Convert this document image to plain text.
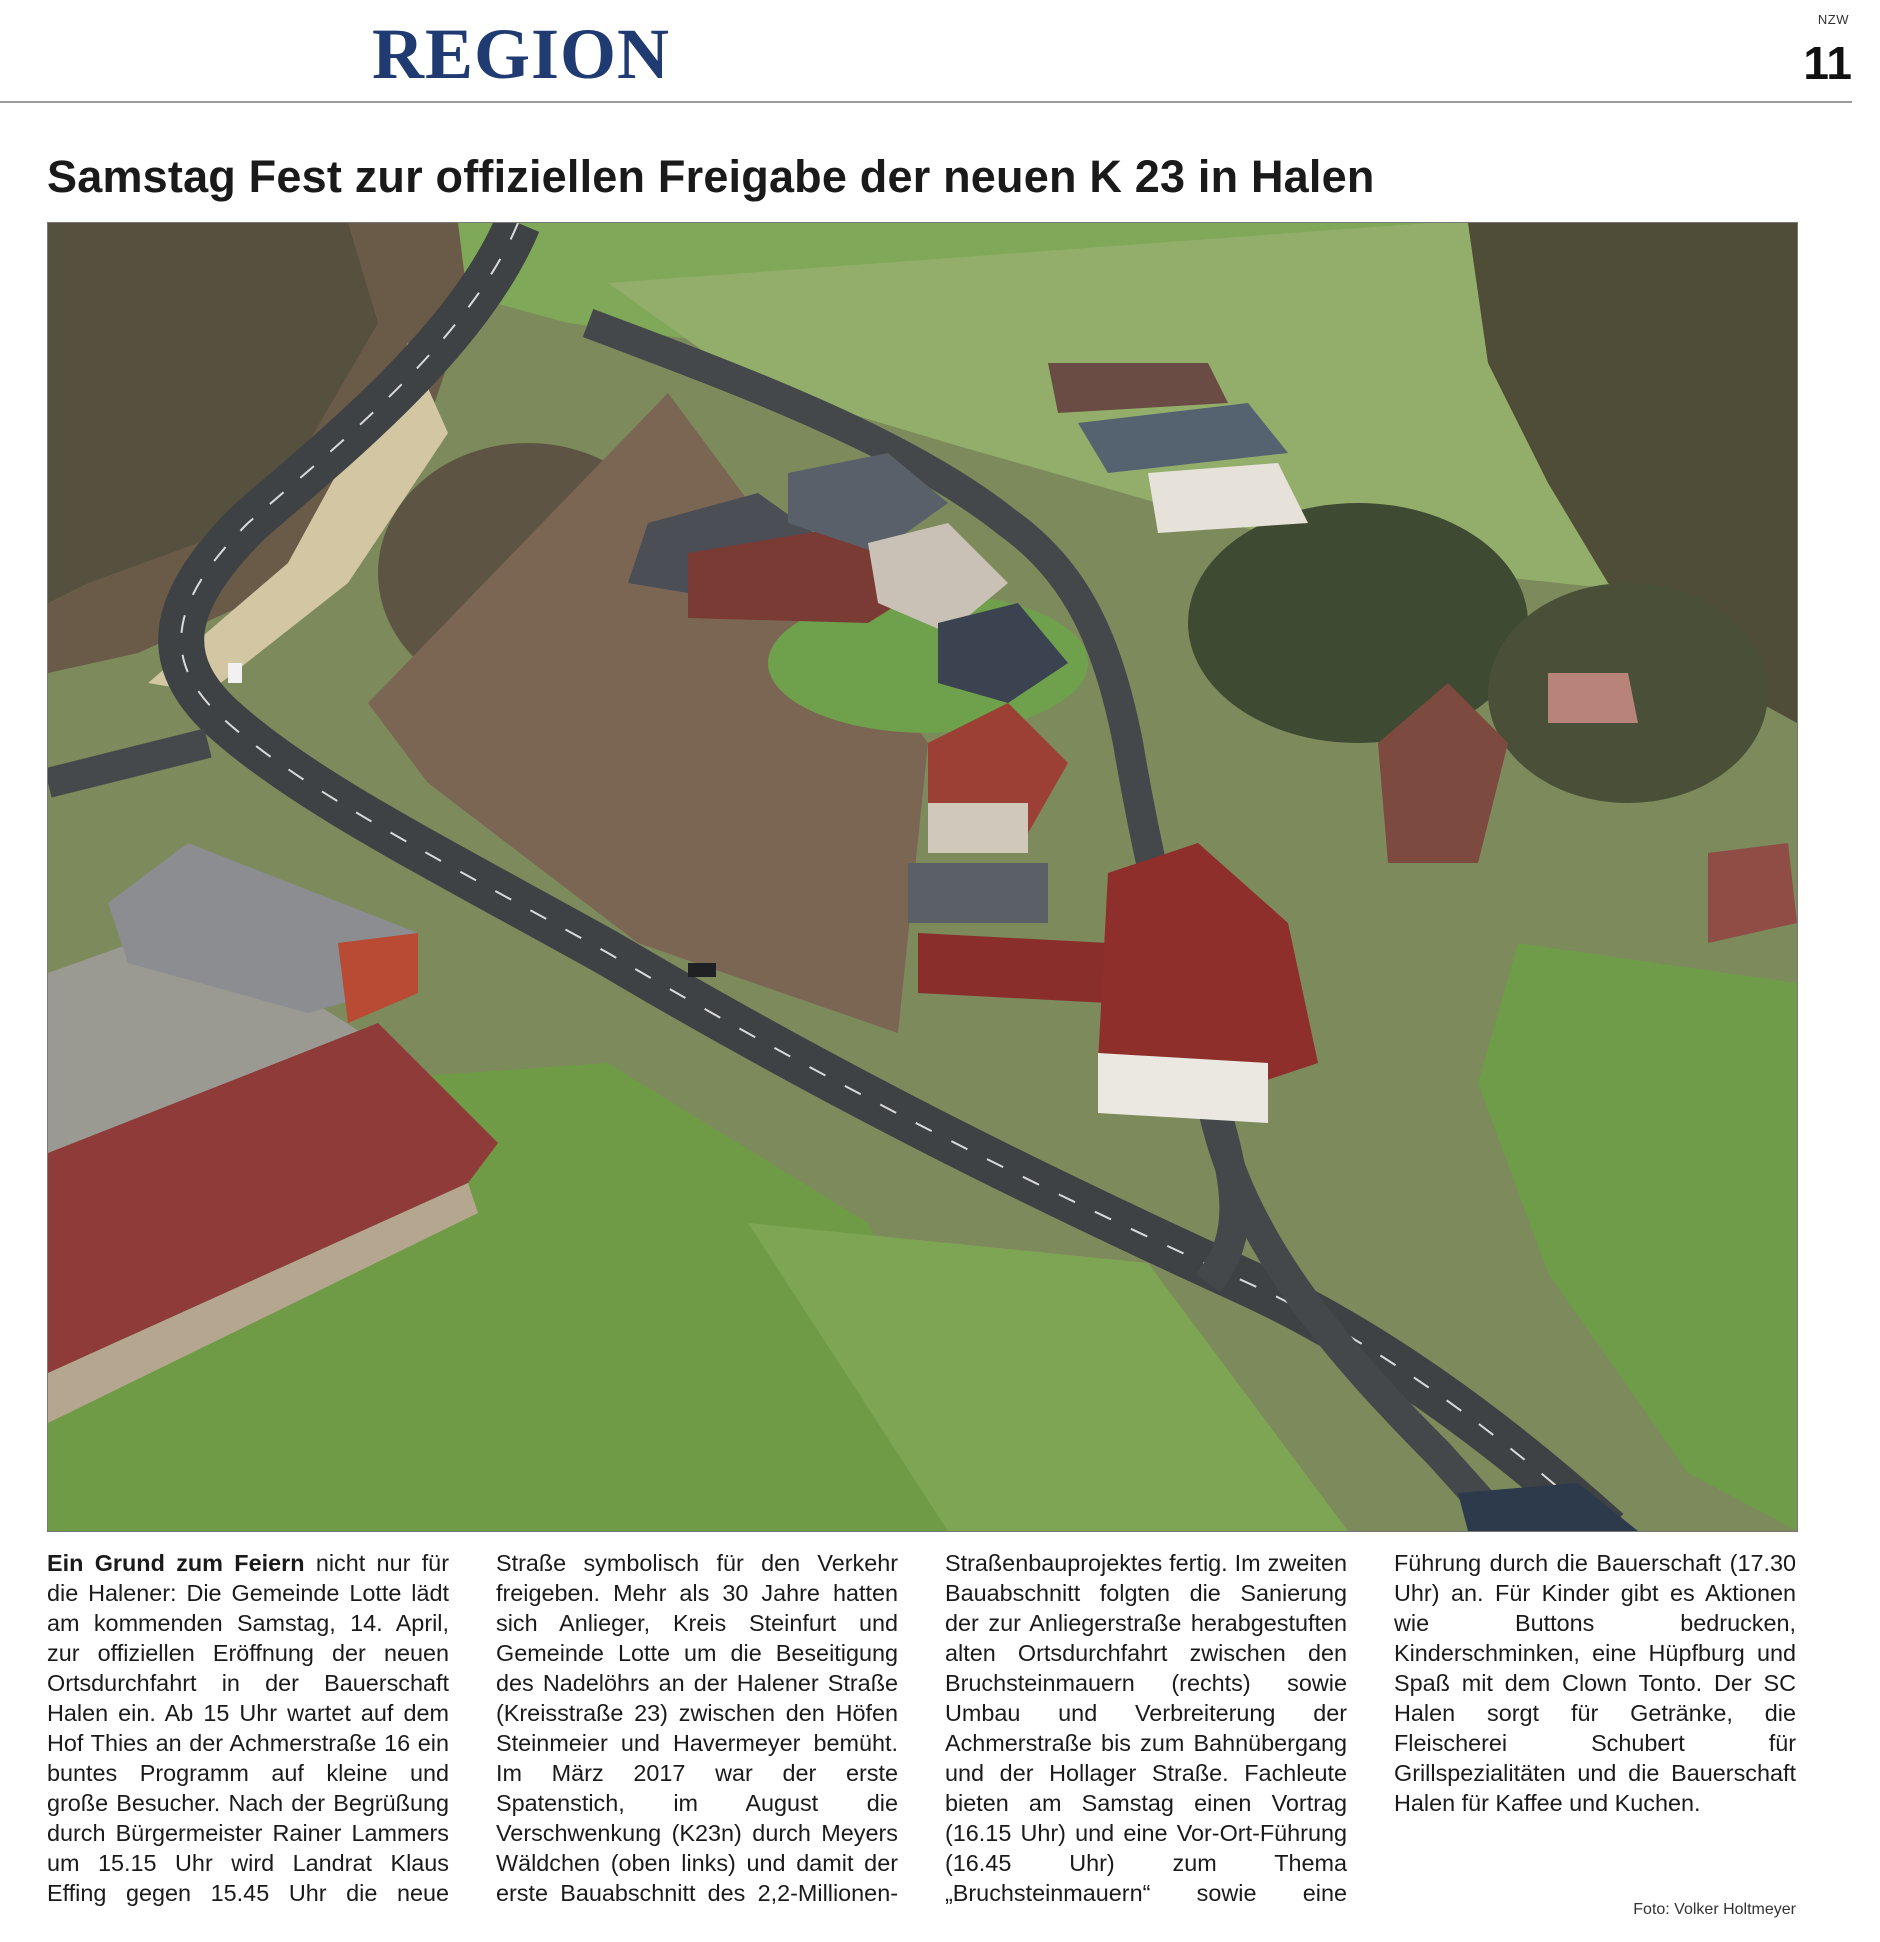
REGION	NZW
11
Samstag Fest zur offiziellen Freigabe der neuen K 23 in Halen
Ein Grund zum Feiern nicht nur für die Halener: Die Gemeinde Lotte lädt am kommenden Samstag, 14. April, zur offiziellen Eröffnung der neuen Ortsdurchfahrt in der Bauerschaft Halen ein. Ab 15 Uhr wartet auf dem Hof Thies an der Achmerstraße 16 ein buntes Programm auf kleine und große Besucher. Nach der Begrüßung durch Bürgermeister Rainer Lammers um 15.15 Uhr wird Landrat Klaus Effing gegen 15.45 Uhr die neue Straße symbolisch für den Verkehr freigeben. Mehr als 30 Jahre hatten sich Anlieger, Kreis Steinfurt und Gemeinde Lotte um die Beseitigung des Nadelöhrs an der Halener Straße (Kreisstraße 23) zwischen den Höfen Steinmeier und Havermeyer bemüht. Im März 2017 war der erste Spatenstich, im August die Verschwenkung (K23n) durch Meyers Wäldchen (oben links) und damit der erste Bauabschnitt des 2,2-Millionen-Straßenbauprojektes fertig. Im zweiten Bauabschnitt folgten die Sanierung der zur Anliegerstraße herabgestuften alten Ortsdurchfahrt zwischen den Bruchsteinmauern (rechts) sowie Umbau und Verbreiterung der Achmerstraße bis zum Bahnübergang und der Hollager Straße. Fachleute bieten am Samstag einen Vortrag (16.15 Uhr) und eine Vor-Ort-Führung (16.45 Uhr) zum Thema „Bruchsteinmauern“ sowie eine Führung durch die Bauerschaft (17.30 Uhr) an. Für Kinder gibt es Aktionen wie Buttons bedrucken, Kinderschminken, eine Hüpfburg und Spaß mit dem Clown Tonto. Der SC Halen sorgt für Getränke, die Fleischerei Schubert für Grillspezialitäten und die Bauerschaft Halen für Kaffee und Kuchen.
Foto: Volker Holtmeyer
